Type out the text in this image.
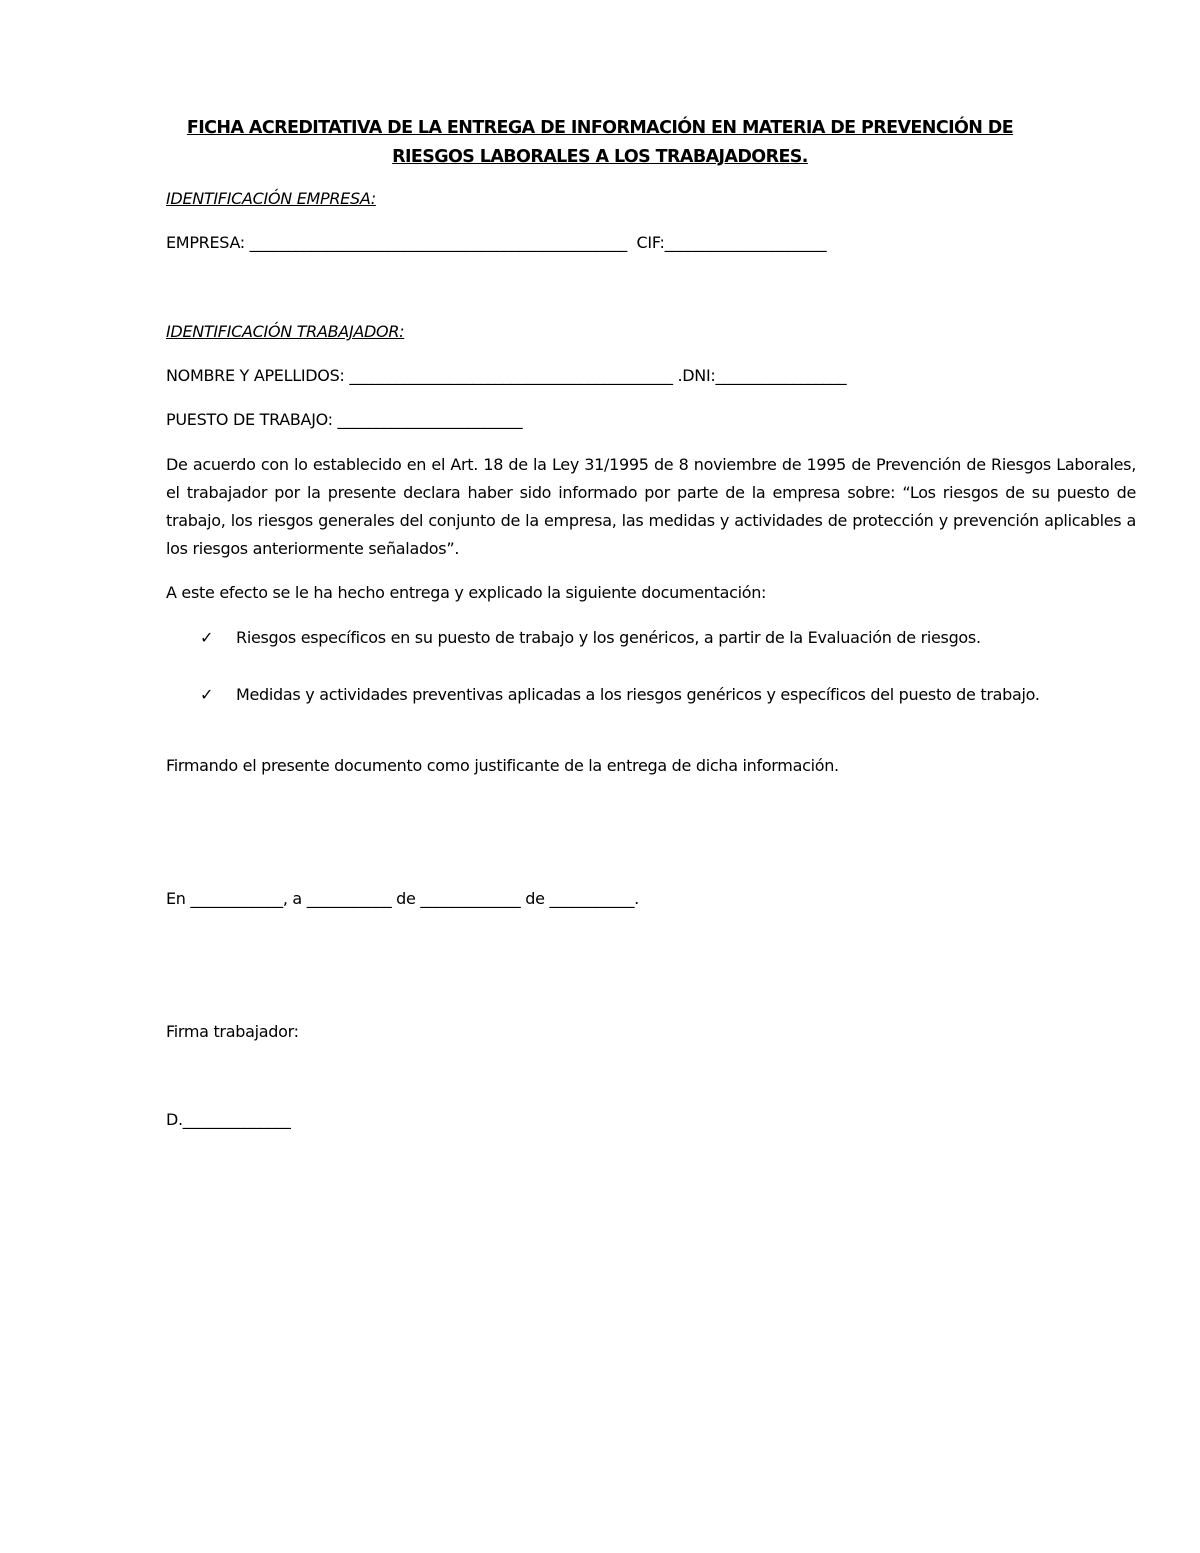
FICHA ACREDITATIVA DE LA ENTREGA DE INFORMACIÓN EN MATERIA DE PREVENCIÓN DE RIESGOS LABORALES A LOS TRABAJADORES.
IDENTIFICACIÓN EMPRESA:
EMPRESA: _________________________________________________  CIF:_____________________
IDENTIFICACIÓN TRABAJADOR:
NOMBRE Y APELLIDOS: __________________________________________ .DNI:_________________
PUESTO DE TRABAJO: ________________________
De acuerdo con lo establecido en el Art. 18 de la Ley 31/1995 de 8 noviembre de 1995 de Prevención de Riesgos Laborales, el trabajador por la presente declara haber sido informado por parte de la empresa sobre: “Los riesgos de su puesto de trabajo, los riesgos generales del conjunto de la empresa, las medidas y actividades de protección y prevención aplicables a los riesgos anteriormente señalados”.
A este efecto se le ha hecho entrega y explicado la siguiente documentación:
✓ Riesgos específicos en su puesto de trabajo y los genéricos, a partir de la Evaluación de riesgos.
✓ Medidas y actividades preventivas aplicadas a los riesgos genéricos y específicos del puesto de trabajo.
Firmando el presente documento como justificante de la entrega de dicha información.
En ____________, a ___________ de _____________ de ___________.
Firma trabajador:
D.______________
